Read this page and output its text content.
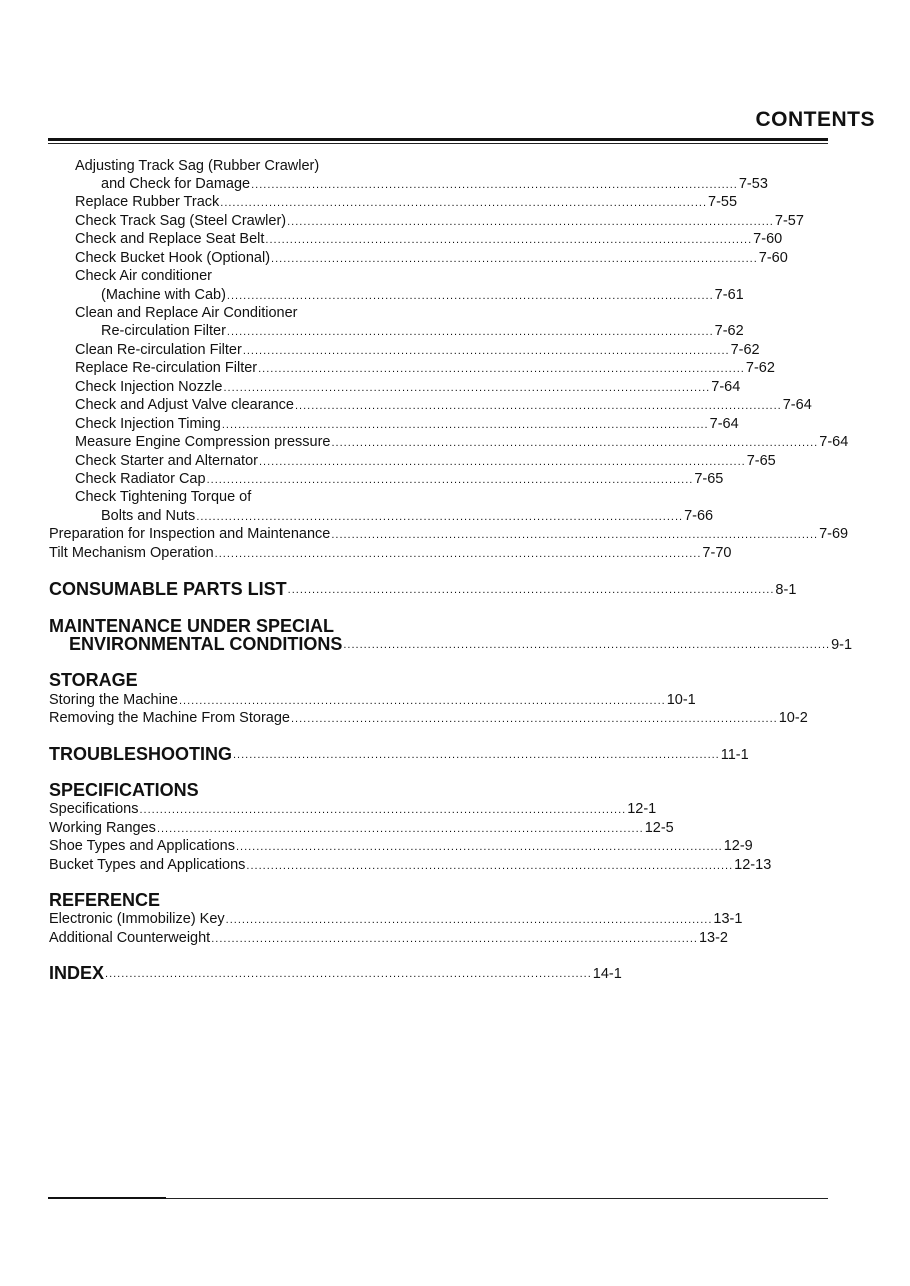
CONTENTS
Adjusting Track Sag (Rubber Crawler)
and Check for Damage ........................................................................................................................ 7-53
Replace Rubber Track ........................................................................................................................ 7-55
Check Track Sag (Steel Crawler) ........................................................................................................................ 7-57
Check and Replace Seat Belt ........................................................................................................................ 7-60
Check Bucket Hook (Optional) ........................................................................................................................ 7-60
Check Air conditioner
(Machine with Cab) ........................................................................................................................ 7-61
Clean and Replace Air Conditioner
Re-circulation Filter ........................................................................................................................ 7-62
Clean Re-circulation Filter ........................................................................................................................ 7-62
Replace Re-circulation Filter ........................................................................................................................ 7-62
Check Injection Nozzle ........................................................................................................................ 7-64
Check and Adjust Valve clearance ........................................................................................................................ 7-64
Check Injection Timing ........................................................................................................................ 7-64
Measure Engine Compression pressure ........................................................................................................................ 7-64
Check Starter and Alternator ........................................................................................................................ 7-65
Check Radiator Cap ........................................................................................................................ 7-65
Check Tightening Torque of
Bolts and Nuts ........................................................................................................................ 7-66
Preparation for Inspection and Maintenance ........................................................................................................................ 7-69
Tilt Mechanism Operation ........................................................................................................................ 7-70
CONSUMABLE PARTS LIST ........................................................................................................................ 8-1
MAINTENANCE UNDER SPECIAL
ENVIRONMENTAL CONDITIONS ........................................................................................................................ 9-1
STORAGE
Storing the Machine ........................................................................................................................ 10-1
Removing the Machine From Storage ........................................................................................................................ 10-2
TROUBLESHOOTING ........................................................................................................................ 11-1
SPECIFICATIONS
Specifications ........................................................................................................................ 12-1
Working Ranges ........................................................................................................................ 12-5
Shoe Types and Applications ........................................................................................................................ 12-9
Bucket Types and Applications ........................................................................................................................ 12-13
REFERENCE
Electronic (Immobilize) Key ........................................................................................................................ 13-1
Additional Counterweight ........................................................................................................................ 13-2
INDEX ........................................................................................................................ 14-1
